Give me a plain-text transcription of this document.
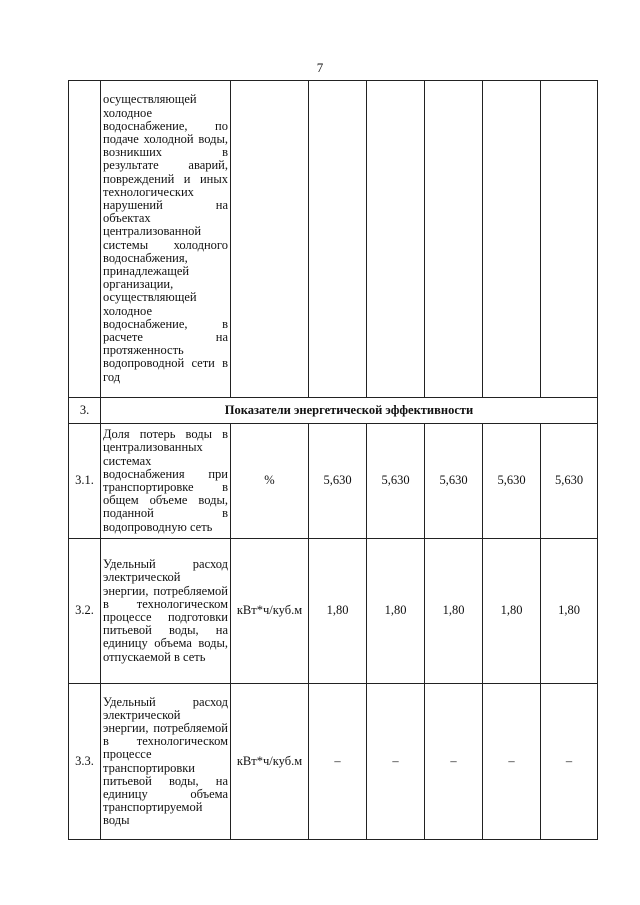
7
	осуществляющей холодное водоснабжение, по подаче холодной воды, возникших в результате аварий, повреждений и иных технологических нарушений на объектах централизованной системы холодного водоснабжения, принадлежащей организации, осуществляющей холодное водоснабжение, в расчете на протяженность водопроводной сети в год						
3.	Показатели энергетической эффективности						
3.1.	Доля потерь воды в централизованных системах водоснабжения при транспортировке в общем объеме воды, поданной в водопроводную сеть	%	5,630	5,630	5,630	5,630	5,630
3.2.	Удельный расход электрической энергии, потребляемой в технологическом процессе подготовки питьевой воды, на единицу объема воды, отпускаемой в сеть	кВт*ч/куб.м	1,80	1,80	1,80	1,80	1,80
3.3.	Удельный расход электрической энергии, потребляемой в технологическом процессе транспортировки питьевой воды, на единицу объема транспортируемой воды	кВт*ч/куб.м	–	–	–	–	–
